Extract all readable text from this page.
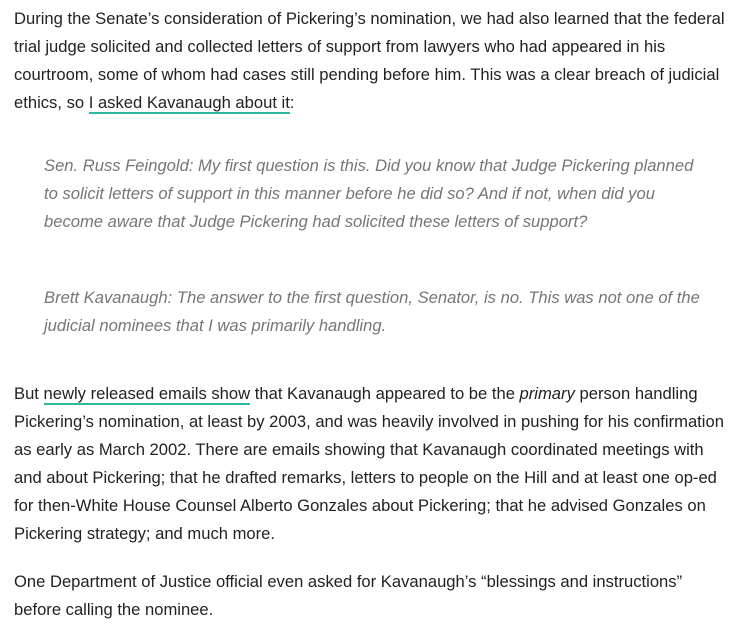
During the Senate’s consideration of Pickering’s nomination, we had also learned that the federal trial judge solicited and collected letters of support from lawyers who had appeared in his courtroom, some of whom had cases still pending before him. This was a clear breach of judicial ethics, so I asked Kavanaugh about it:

Sen. Russ Feingold: My first question is this. Did you know that Judge Pickering planned to solicit letters of support in this manner before he did so? And if not, when did you become aware that Judge Pickering had solicited these letters of support?

Brett Kavanaugh: The answer to the first question, Senator, is no. This was not one of the judicial nominees that I was primarily handling.

But newly released emails show that Kavanaugh appeared to be the primary person handling Pickering’s nomination, at least by 2003, and was heavily involved in pushing for his confirmation as early as March 2002. There are emails showing that Kavanaugh coordinated meetings with and about Pickering; that he drafted remarks, letters to people on the Hill and at least one op-ed for then-White House Counsel Alberto Gonzales about Pickering; that he advised Gonzales on Pickering strategy; and much more.

One Department of Justice official even asked for Kavanaugh’s “blessings and instructions” before calling the nominee.
